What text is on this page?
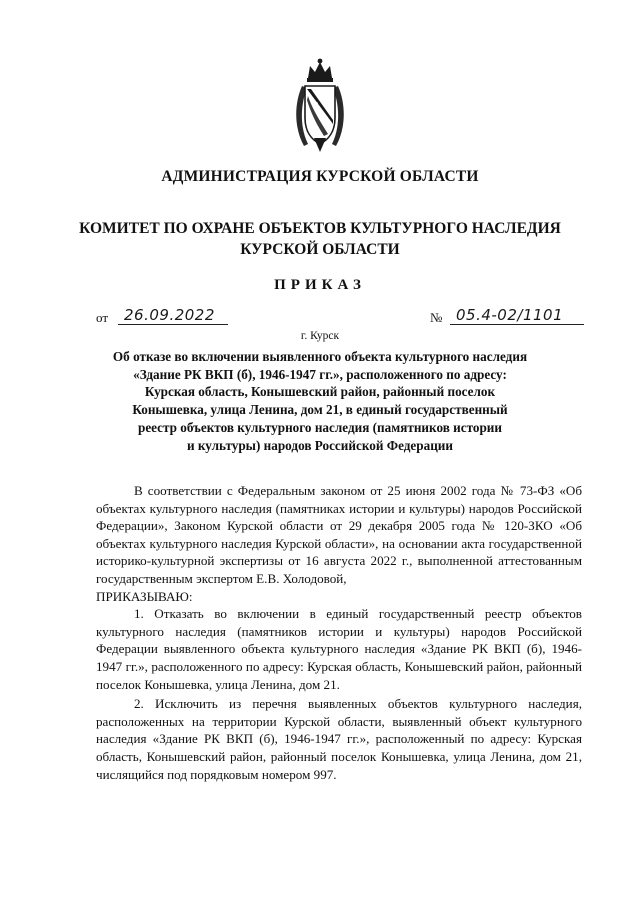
АДМИНИСТРАЦИЯ КУРСКОЙ ОБЛАСТИ
КОМИТЕТ ПО ОХРАНЕ ОБЪЕКТОВ КУЛЬТУРНОГО НАСЛЕДИЯ
КУРСКОЙ ОБЛАСТИ
ПРИКАЗ
от	26.09.2022	№ 05.4-02/1101
г. Курск
Об отказе во включении выявленного объекта культурного наследия
«Здание РК ВКП (б), 1946-1947 гг.», расположенного по адресу:
Курская область, Конышевский район, районный поселок
Конышевка, улица Ленина, дом 21, в единый государственный
реестр объектов культурного наследия (памятников истории
и культуры) народов Российской Федерации

В соответствии с Федеральным законом от 25 июня 2002 года № 73-ФЗ «Об объектах культурного наследия (памятниках истории и культуры) народов Российской Федерации», Законом Курской области от 29 декабря 2005 года № 120-ЗКО «Об объектах культурного наследия Курской области», на основании акта государственной историко-культурной экспертизы от 16 августа 2022 г., выполненной аттестованным государственным экспертом Е.В. Холодовой,

ПРИКАЗЫВАЮ:

1. Отказать во включении в единый государственный реестр объектов культурного наследия (памятников истории и культуры) народов Российской Федерации выявленного объекта культурного наследия «Здание РК ВКП (б), 1946-1947 гг.», расположенного по адресу: Курская область, Конышевский район, районный поселок Конышевка, улица Ленина, дом 21.

2. Исключить из перечня выявленных объектов культурного наследия, расположенных на территории Курской области, выявленный объект культурного наследия «Здание РК ВКП (б), 1946-1947 гг.», расположенный по адресу: Курская область, Конышевский район, районный поселок Конышевка, улица Ленина, дом 21, числящийся под порядковым номером 997.
